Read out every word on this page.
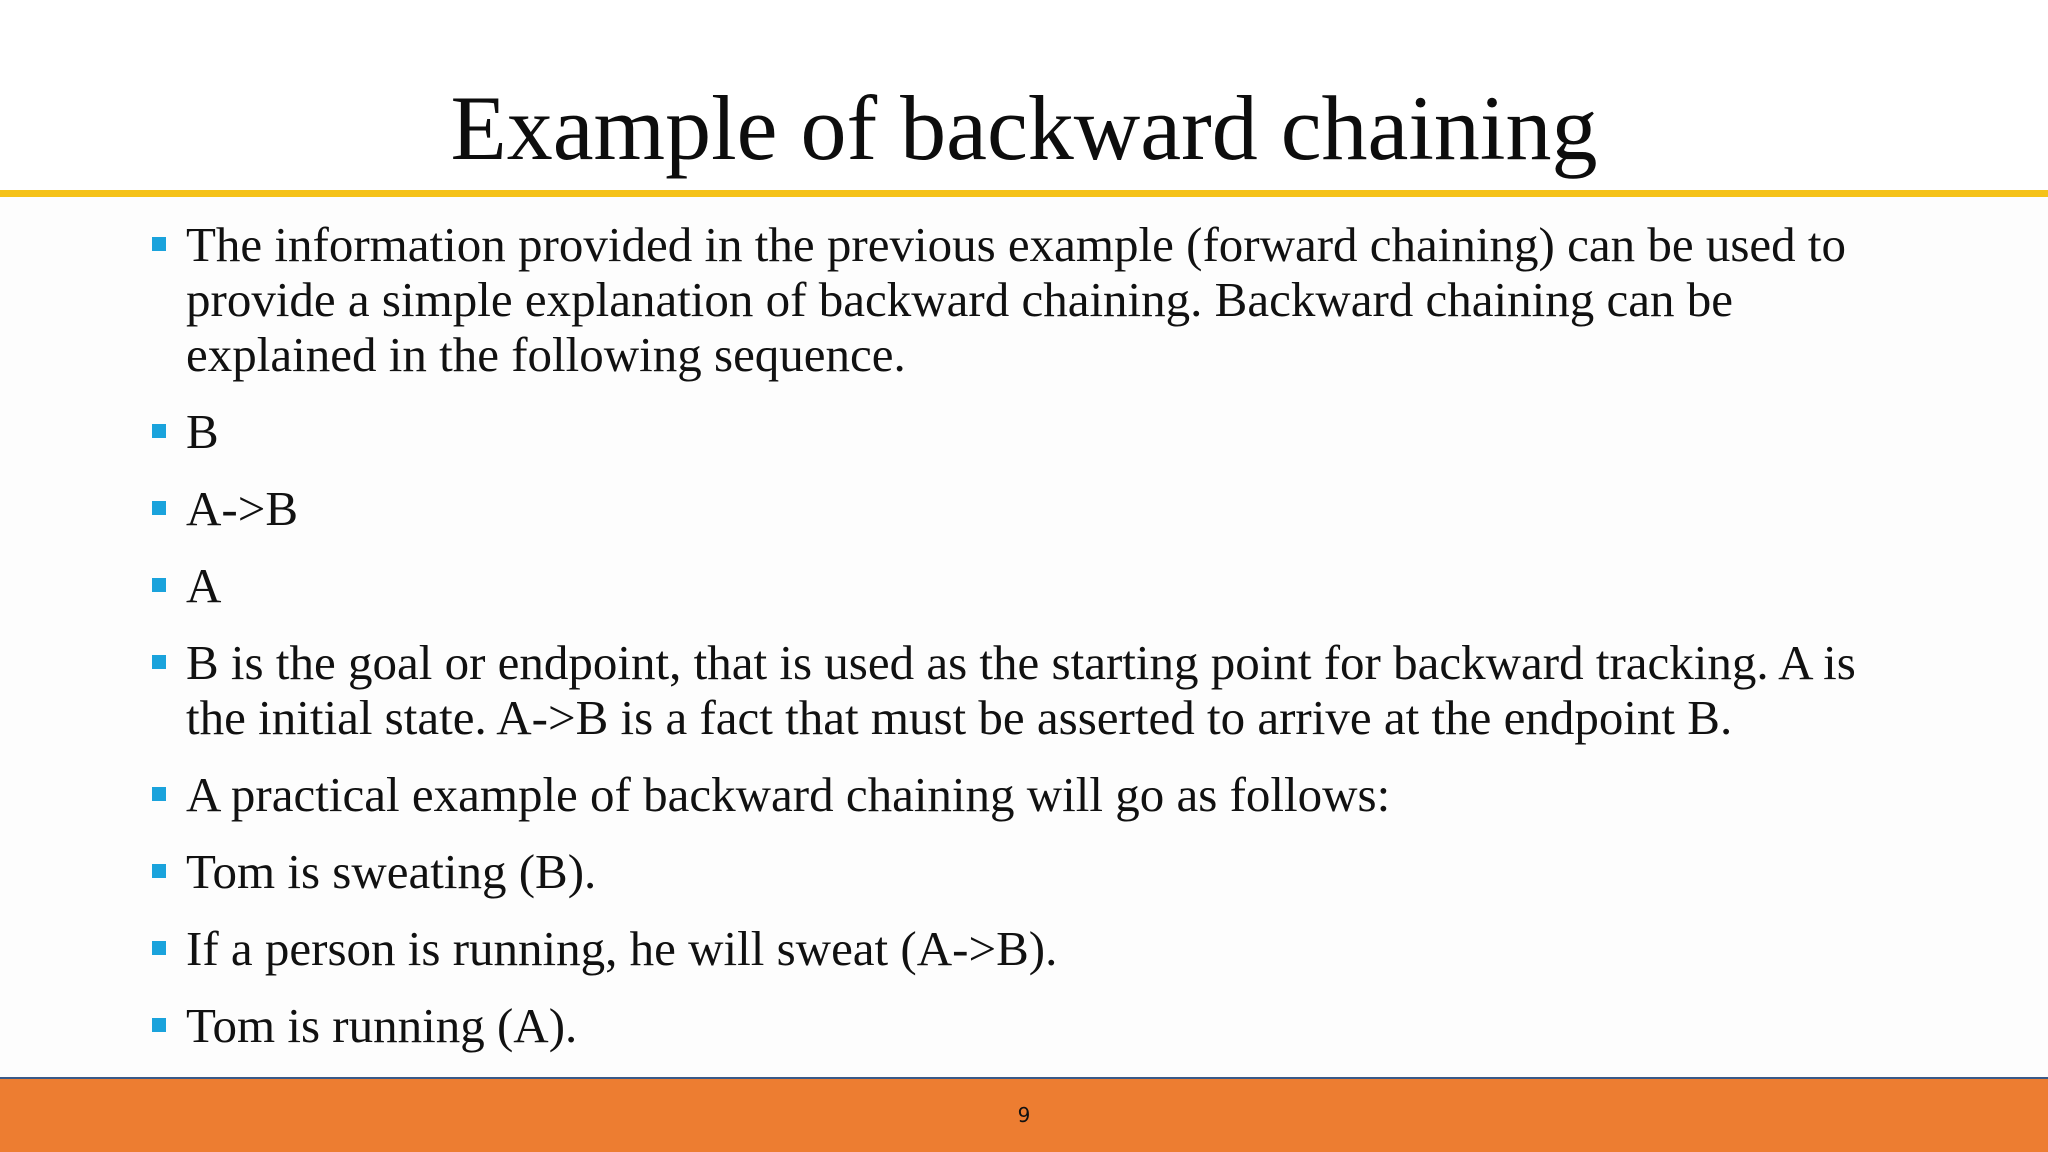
Example of backward chaining
The information provided in the previous example (forward chaining) can be used to provide a simple explanation of backward chaining. Backward chaining can be explained in the following sequence.
B
A->B
A
B is the goal or endpoint, that is used as the starting point for backward tracking. A is the initial state. A->B is a fact that must be asserted to arrive at the endpoint B.
A practical example of backward chaining will go as follows:
Tom is sweating (B).
If a person is running, he will sweat (A->B).
Tom is running (A).
9
